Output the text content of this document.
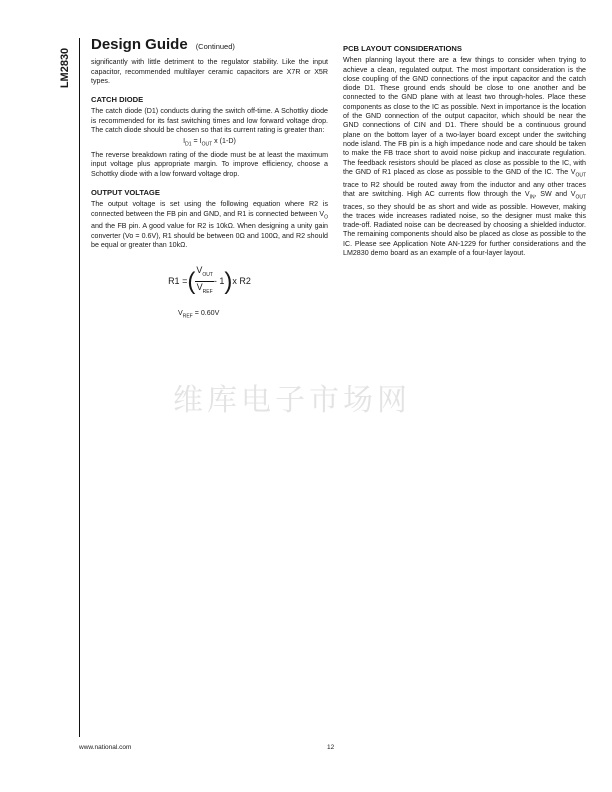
LM2830
Design Guide (Continued)

significantly with little detriment to the regulator stability. Like the input capacitor, recommended multilayer ceramic capacitors are X7R or X5R types.

CATCH DIODE

The catch diode (D1) conducts during the switch off-time. A Schottky diode is recommended for its fast switching times and low forward voltage drop. The catch diode should be chosen so that its current rating is greater than:

$I_{D1} = I_{OUT}$ x (1-D)

The reverse breakdown rating of the diode must be at least the maximum input voltage plus appropriate margin. To improve efficiency, choose a Schottky diode with a low forward voltage drop.

OUTPUT VOLTAGE

The output voltage is set using the following equation where R2 is connected between the FB pin and GND, and R1 is connected between $V_O$ and the FB pin. A good value for R2 is 10kΩ. When designing a unity gain converter (Vo = 0.6V), R1 should be between 0Ω and 100Ω, and R2 should be equal or greater than 10kΩ.

R1 = ( $\frac{V_{OUT}}{V_{REF}} - 1$ ) x R2
$V_{REF} = 0.60V$
PCB LAYOUT CONSIDERATIONS

When planning layout there are a few things to consider when trying to achieve a clean, regulated output. The most important consideration is the close coupling of the GND connections of the input capacitor and the catch diode D1. These ground ends should be close to one another and be connected to the GND plane with at least two through-holes. Place these components as close to the IC as possible. Next in importance is the location of the GND connection of the output capacitor, which should be near the GND connections of CIN and D1. There should be a continuous ground plane on the bottom layer of a two-layer board except under the switching node island. The FB pin is a high impedance node and care should be taken to make the FB trace short to avoid noise pickup and inaccurate regulation. The feedback resistors should be placed as close as possible to the IC, with the GND of R1 placed as close as possible to the GND of the IC. The $V_{OUT}$ trace to R2 should be routed away from the inductor and any other traces that are switching. High AC currents flow through the $V_{IN}$, SW and $V_{OUT}$ traces, so they should be as short and wide as possible. However, making the traces wide increases radiated noise, so the designer must make this trade-off. Radiated noise can be decreased by choosing a shielded inductor. The remaining components should also be placed as close as possible to the IC. Please see Application Note AN-1229 for further considerations and the LM2830 demo board as an example of a four-layer layout.

维库电子市场网
www.national.com	12
